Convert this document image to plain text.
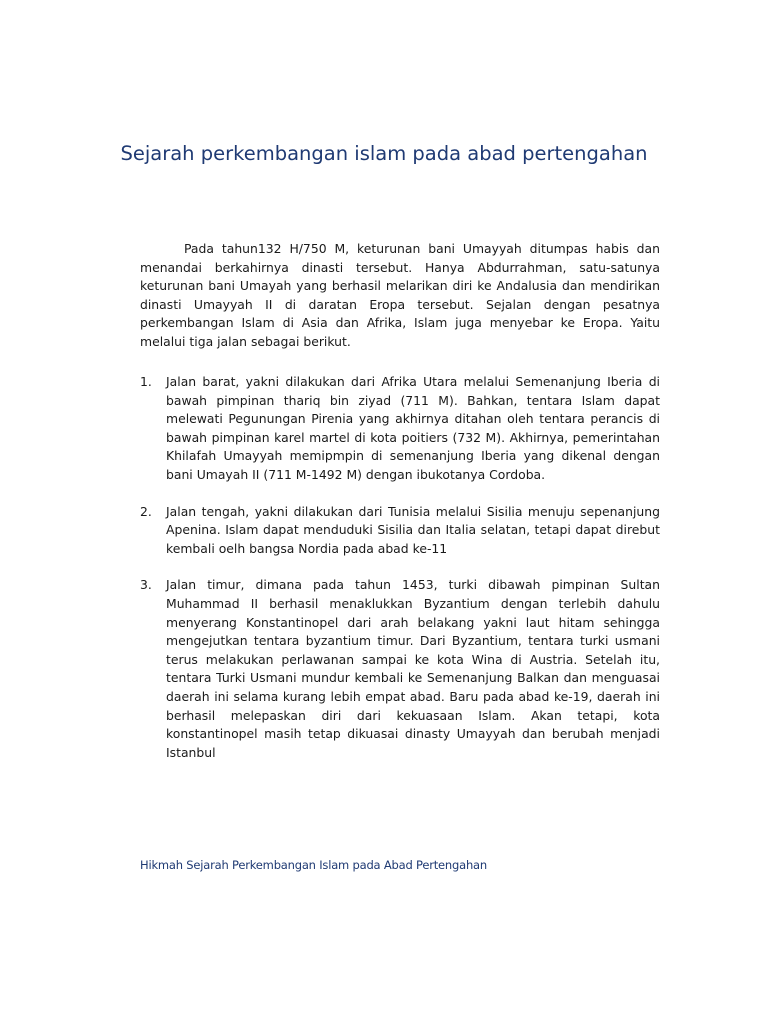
Sejarah perkembangan islam pada abad pertengahan

Pada tahun132 H/750 M, keturunan bani Umayyah ditumpas habis dan menandai berkahirnya dinasti tersebut. Hanya Abdurrahman, satu-satunya keturunan bani Umayah yang berhasil melarikan diri ke Andalusia dan mendirikan dinasti Umayyah II di daratan Eropa tersebut. Sejalan dengan pesatnya perkembangan Islam di Asia dan Afrika, Islam juga menyebar ke Eropa. Yaitu melalui tiga jalan sebagai berikut.

1. Jalan barat, yakni dilakukan dari Afrika Utara melalui Semenanjung Iberia di bawah pimpinan thariq bin ziyad (711 M). Bahkan, tentara Islam dapat melewati Pegunungan Pirenia yang akhirnya ditahan oleh tentara perancis di bawah pimpinan karel martel di kota poitiers (732 M). Akhirnya, pemerintahan Khilafah Umayyah memipmpin di semenanjung Iberia yang dikenal dengan bani Umayah II (711 M-1492 M) dengan ibukotanya Cordoba.
2. Jalan tengah, yakni dilakukan dari Tunisia melalui Sisilia menuju sepenanjung Apenina. Islam dapat menduduki Sisilia dan Italia selatan, tetapi dapat direbut kembali oelh bangsa Nordia pada abad ke-11
3. Jalan timur, dimana pada tahun 1453, turki dibawah pimpinan Sultan Muhammad II berhasil menaklukkan Byzantium dengan terlebih dahulu menyerang Konstantinopel dari arah belakang yakni laut hitam sehingga mengejutkan tentara byzantium timur. Dari Byzantium, tentara turki usmani terus melakukan perlawanan sampai ke kota Wina di Austria. Setelah itu, tentara Turki Usmani mundur kembali ke Semenanjung Balkan dan menguasai daerah ini selama kurang lebih empat abad. Baru pada abad ke-19, daerah ini berhasil melepaskan diri dari kekuasaan Islam. Akan tetapi, kota konstantinopel masih tetap dikuasai dinasty Umayyah dan berubah menjadi Istanbul
Hikmah Sejarah Perkembangan Islam pada Abad Pertengahan
